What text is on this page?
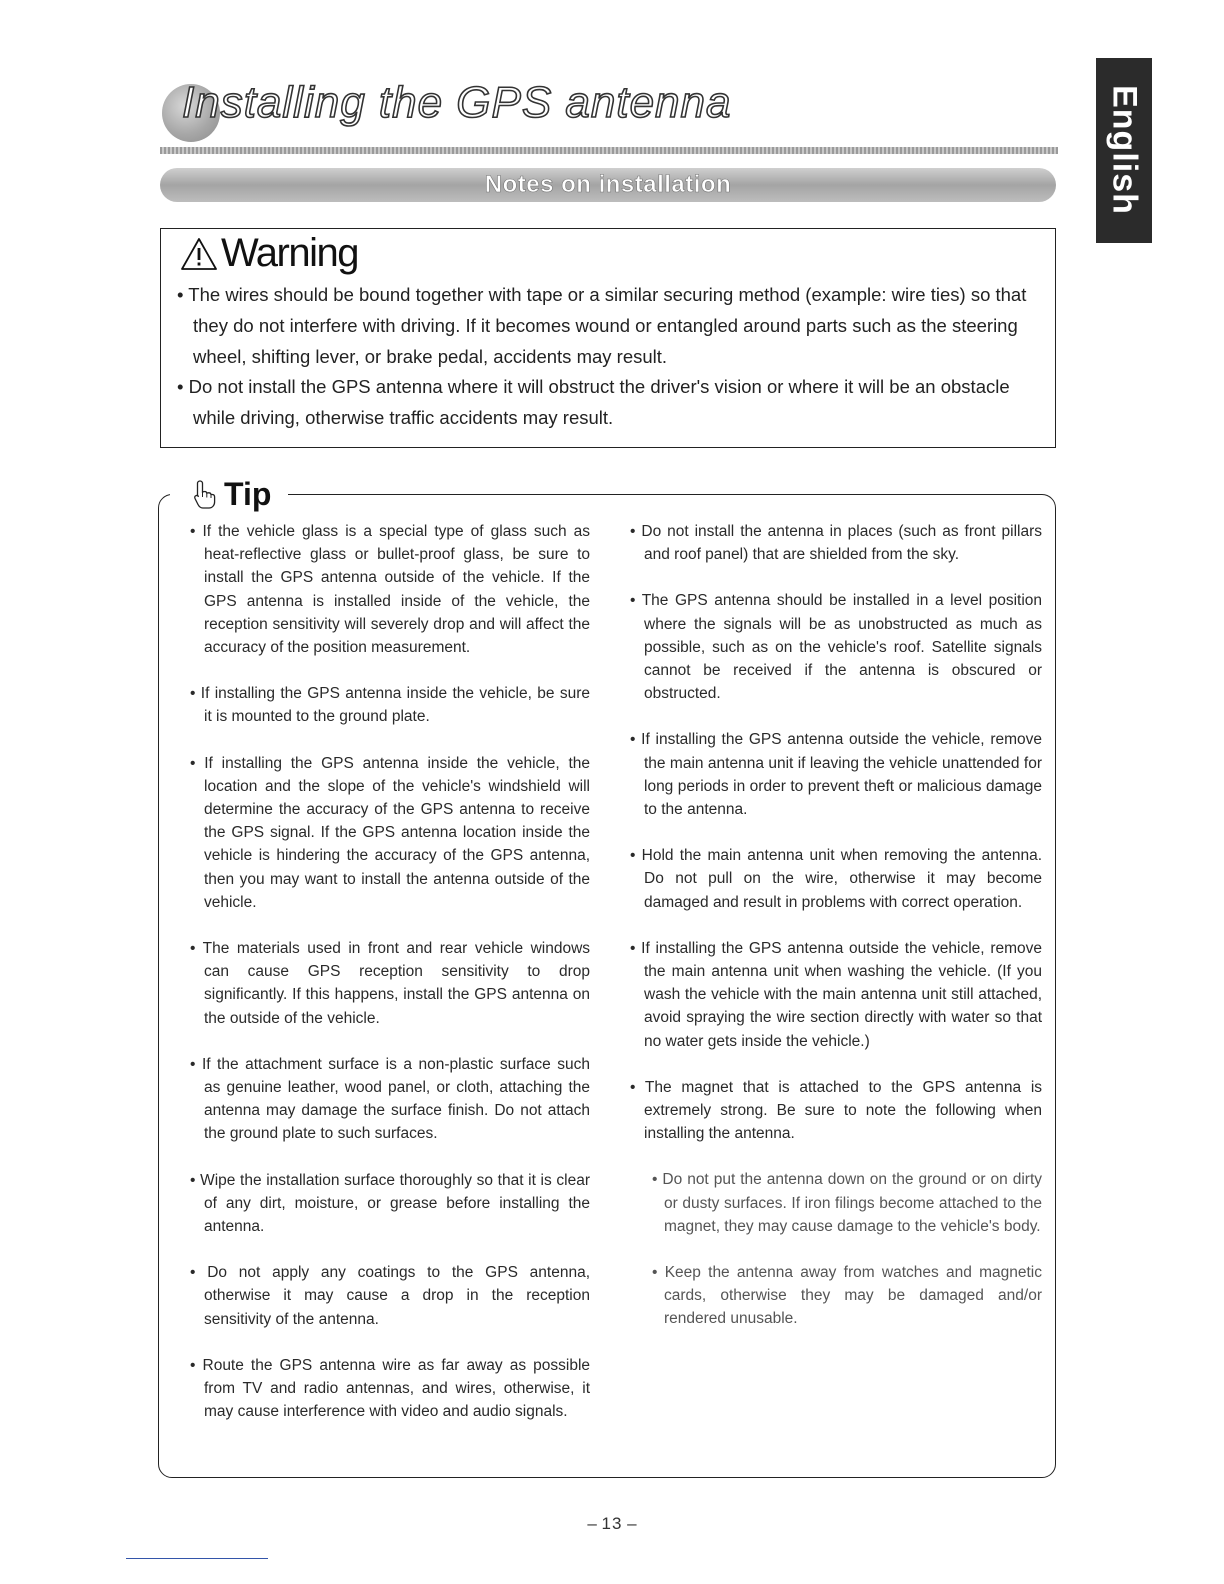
Installing the GPS antenna
Notes on installation	English
Warning
• The wires should be bound together with tape or a similar securing method (example: wire ties) so that they do not interfere with driving. If it becomes wound or entangled around parts such as the steering wheel, shifting lever, or brake pedal, accidents may result.
• Do not install the GPS antenna where it will obstruct the driver's vision or where it will be an obstacle while driving, otherwise traffic accidents may result.
Tip
• If the vehicle glass is a special type of glass such as heat-reflective glass or bullet-proof glass, be sure to install the GPS antenna outside of the vehicle. If the GPS antenna is installed inside of the vehicle, the reception sensitivity will severely drop and will affect the accuracy of the position measurement.
• If installing the GPS antenna inside the vehicle, be sure it is mounted to the ground plate.
• If installing the GPS antenna inside the vehicle, the location and the slope of the vehicle's windshield will determine the accuracy of the GPS antenna to receive the GPS signal. If the GPS antenna location inside the vehicle is hindering the accuracy of the GPS antenna, then you may want to install the antenna outside of the vehicle.
• The materials used in front and rear vehicle windows can cause GPS reception sensitivity to drop significantly. If this happens, install the GPS antenna on the outside of the vehicle.
• If the attachment surface is a non-plastic surface such as genuine leather, wood panel, or cloth, attaching the antenna may damage the surface finish. Do not attach the ground plate to such surfaces.
• Wipe the installation surface thoroughly so that it is clear of any dirt, moisture, or grease before installing the antenna.
• Do not apply any coatings to the GPS antenna, otherwise it may cause a drop in the reception sensitivity of the antenna.
• Route the GPS antenna wire as far away as possible from TV and radio antennas, and wires, otherwise, it may cause interference with video and audio signals.
• Do not install the antenna in places (such as front pillars and roof panel) that are shielded from the sky.
• The GPS antenna should be installed in a level position where the signals will be as unobstructed as much as possible, such as on the vehicle's roof. Satellite signals cannot be received if the antenna is obscured or obstructed.
• If installing the GPS antenna outside the vehicle, remove the main antenna unit if leaving the vehicle unattended for long periods in order to prevent theft or malicious damage to the antenna.
• Hold the main antenna unit when removing the antenna. Do not pull on the wire, otherwise it may become damaged and result in problems with correct operation.
• If installing the GPS antenna outside the vehicle, remove the main antenna unit when washing the vehicle. (If you wash the vehicle with the main antenna unit still attached, avoid spraying the wire section directly with water so that no water gets inside the vehicle.)
• The magnet that is attached to the GPS antenna is extremely strong. Be sure to note the following when installing the antenna.
• Do not put the antenna down on the ground or on dirty or dusty surfaces. If iron filings become attached to the magnet, they may cause damage to the vehicle's body.
• Keep the antenna away from watches and magnetic cards, otherwise they may be damaged and/or rendered unusable.
– 13 –
